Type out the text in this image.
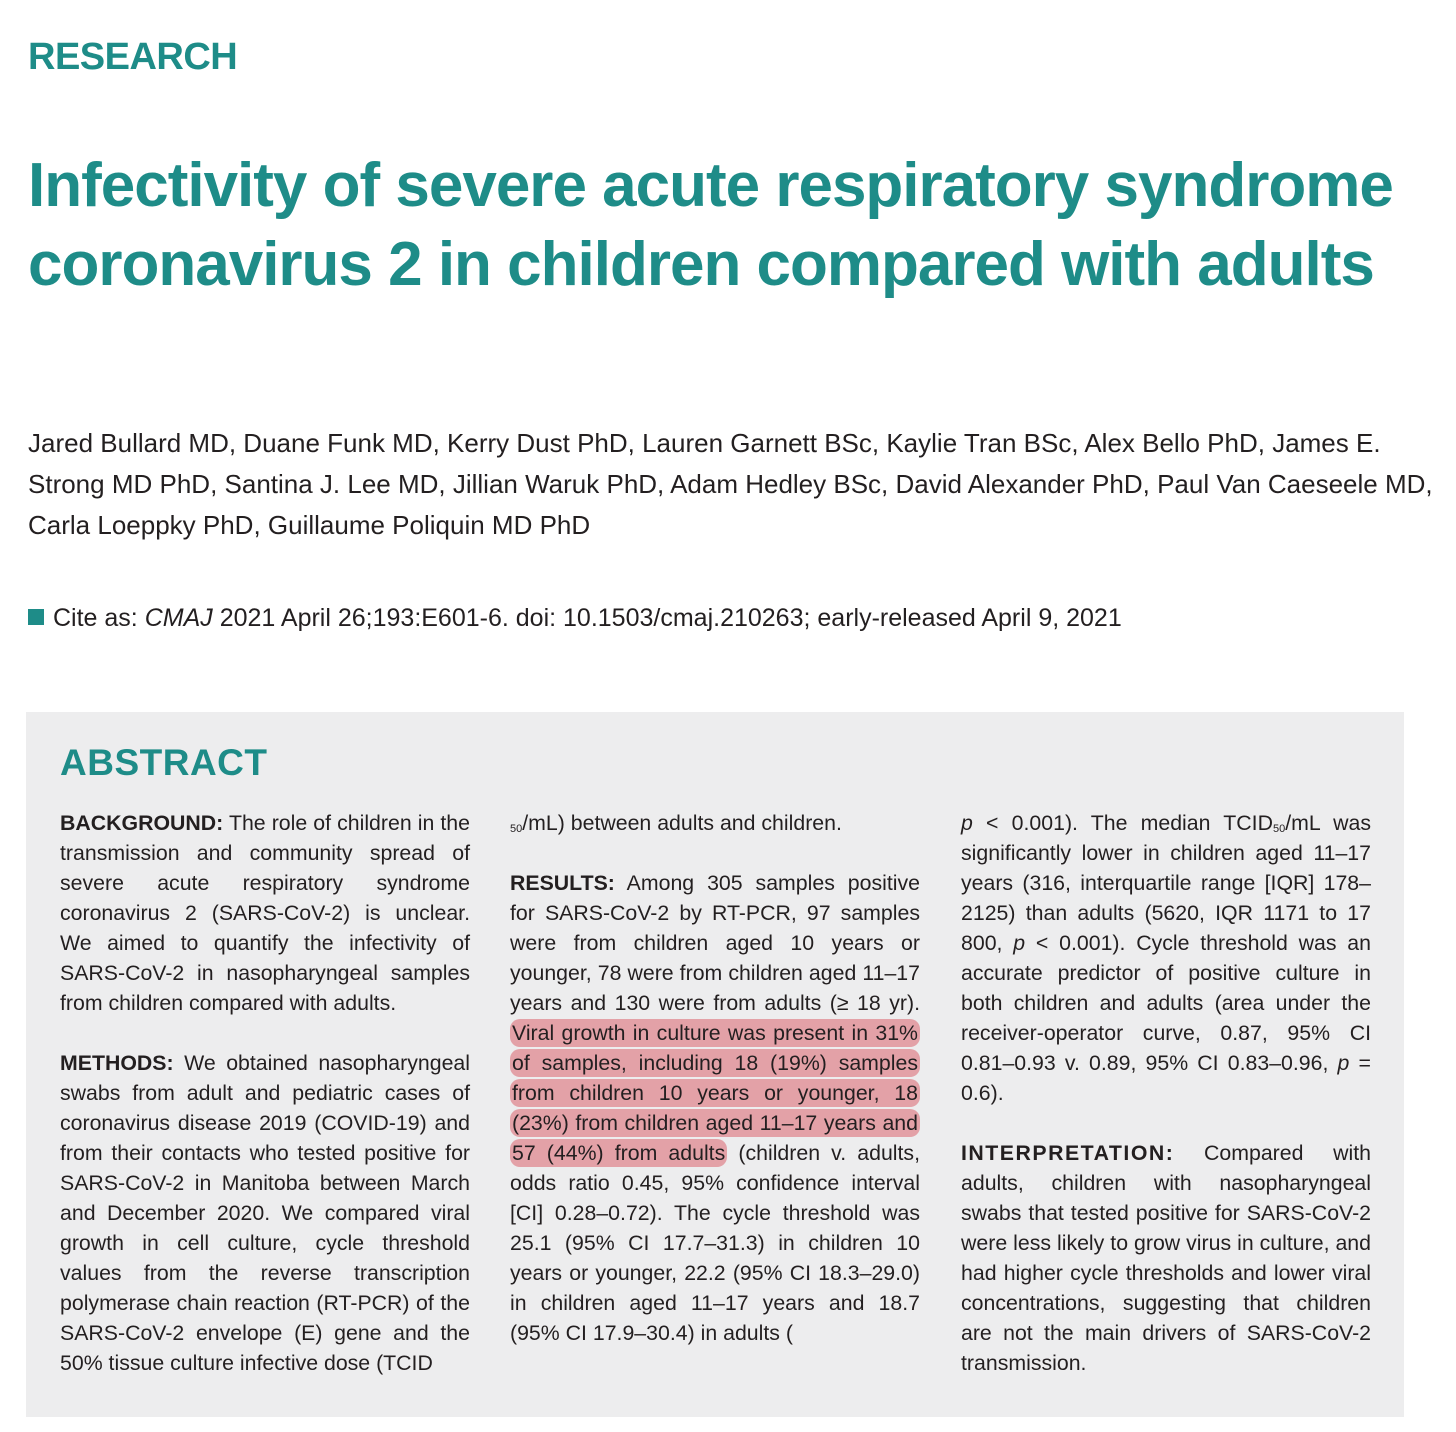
RESEARCH
Infectivity of severe acute respiratory syndrome coronavirus 2 in children compared with adults
Jared Bullard MD, Duane Funk MD, Kerry Dust PhD, Lauren Garnett BSc, Kaylie Tran BSc, Alex Bello PhD, James E. Strong MD PhD, Santina J. Lee MD, Jillian Waruk PhD, Adam Hedley BSc, David Alexander PhD, Paul Van Caeseele MD, Carla Loeppky PhD, Guillaume Poliquin MD PhD
Cite as: CMAJ 2021 April 26;193:E601-6. doi: 10.1503/cmaj.210263; early-released April 9, 2021
ABSTRACT

BACKGROUND: The role of children in the transmission and community spread of severe acute respiratory syndrome coronavirus 2 (SARS-CoV-2) is unclear. We aimed to quantify the infectivity of SARS-CoV-2 in nasopharyngeal samples from children compared with adults.

METHODS: We obtained nasopharyngeal swabs from adult and pediatric cases of coronavirus disease 2019 (COVID-19) and from their contacts who tested positive for SARS-CoV-2 in Manitoba between March and December 2020. We compared viral growth in cell culture, cycle threshold values from the reverse transcription polymerase chain reaction (RT-PCR) of the SARS-CoV-2 envelope (E) gene and the 50% tissue culture infective dose (TCID

$_{50}$/mL) between adults and children.

RESULTS: Among 305 samples positive for SARS-CoV-2 by RT-PCR, 97 samples were from children aged 10 years or younger, 78 were from children aged 11–17 years and 130 were from adults (≥ 18 yr). Viral growth in culture was present in 31% of samples, including 18 (19%) samples from children 10 years or younger, 18 (23%) from children aged 11–17 years and 57 (44%) from adults (children v. adults, odds ratio 0.45, 95% confidence interval [CI] 0.28–0.72). The cycle threshold was 25.1 (95% CI 17.7–31.3) in children 10 years or younger, 22.2 (95% CI 18.3–29.0) in children aged 11–17 years and 18.7 (95% CI 17.9–30.4) in adults (

p < 0.001). The median $TCID_{50}/mL$ was significantly lower in children aged 11–17 years (316, interquartile range [IQR] 178–2125) than adults (5620, IQR 1171 to 17 800, p < 0.001). Cycle threshold was an accurate predictor of positive culture in both children and adults (area under the receiver-operator curve, 0.87, 95% CI 0.81–0.93 v. 0.89, 95% CI 0.83–0.96, p = 0.6).

INTERPRETATION: Compared with adults, children with nasopharyngeal swabs that tested positive for SARS-CoV-2 were less likely to grow virus in culture, and had higher cycle thresholds and lower viral concentrations, suggesting that children are not the main drivers of SARS-CoV-2 transmission.
